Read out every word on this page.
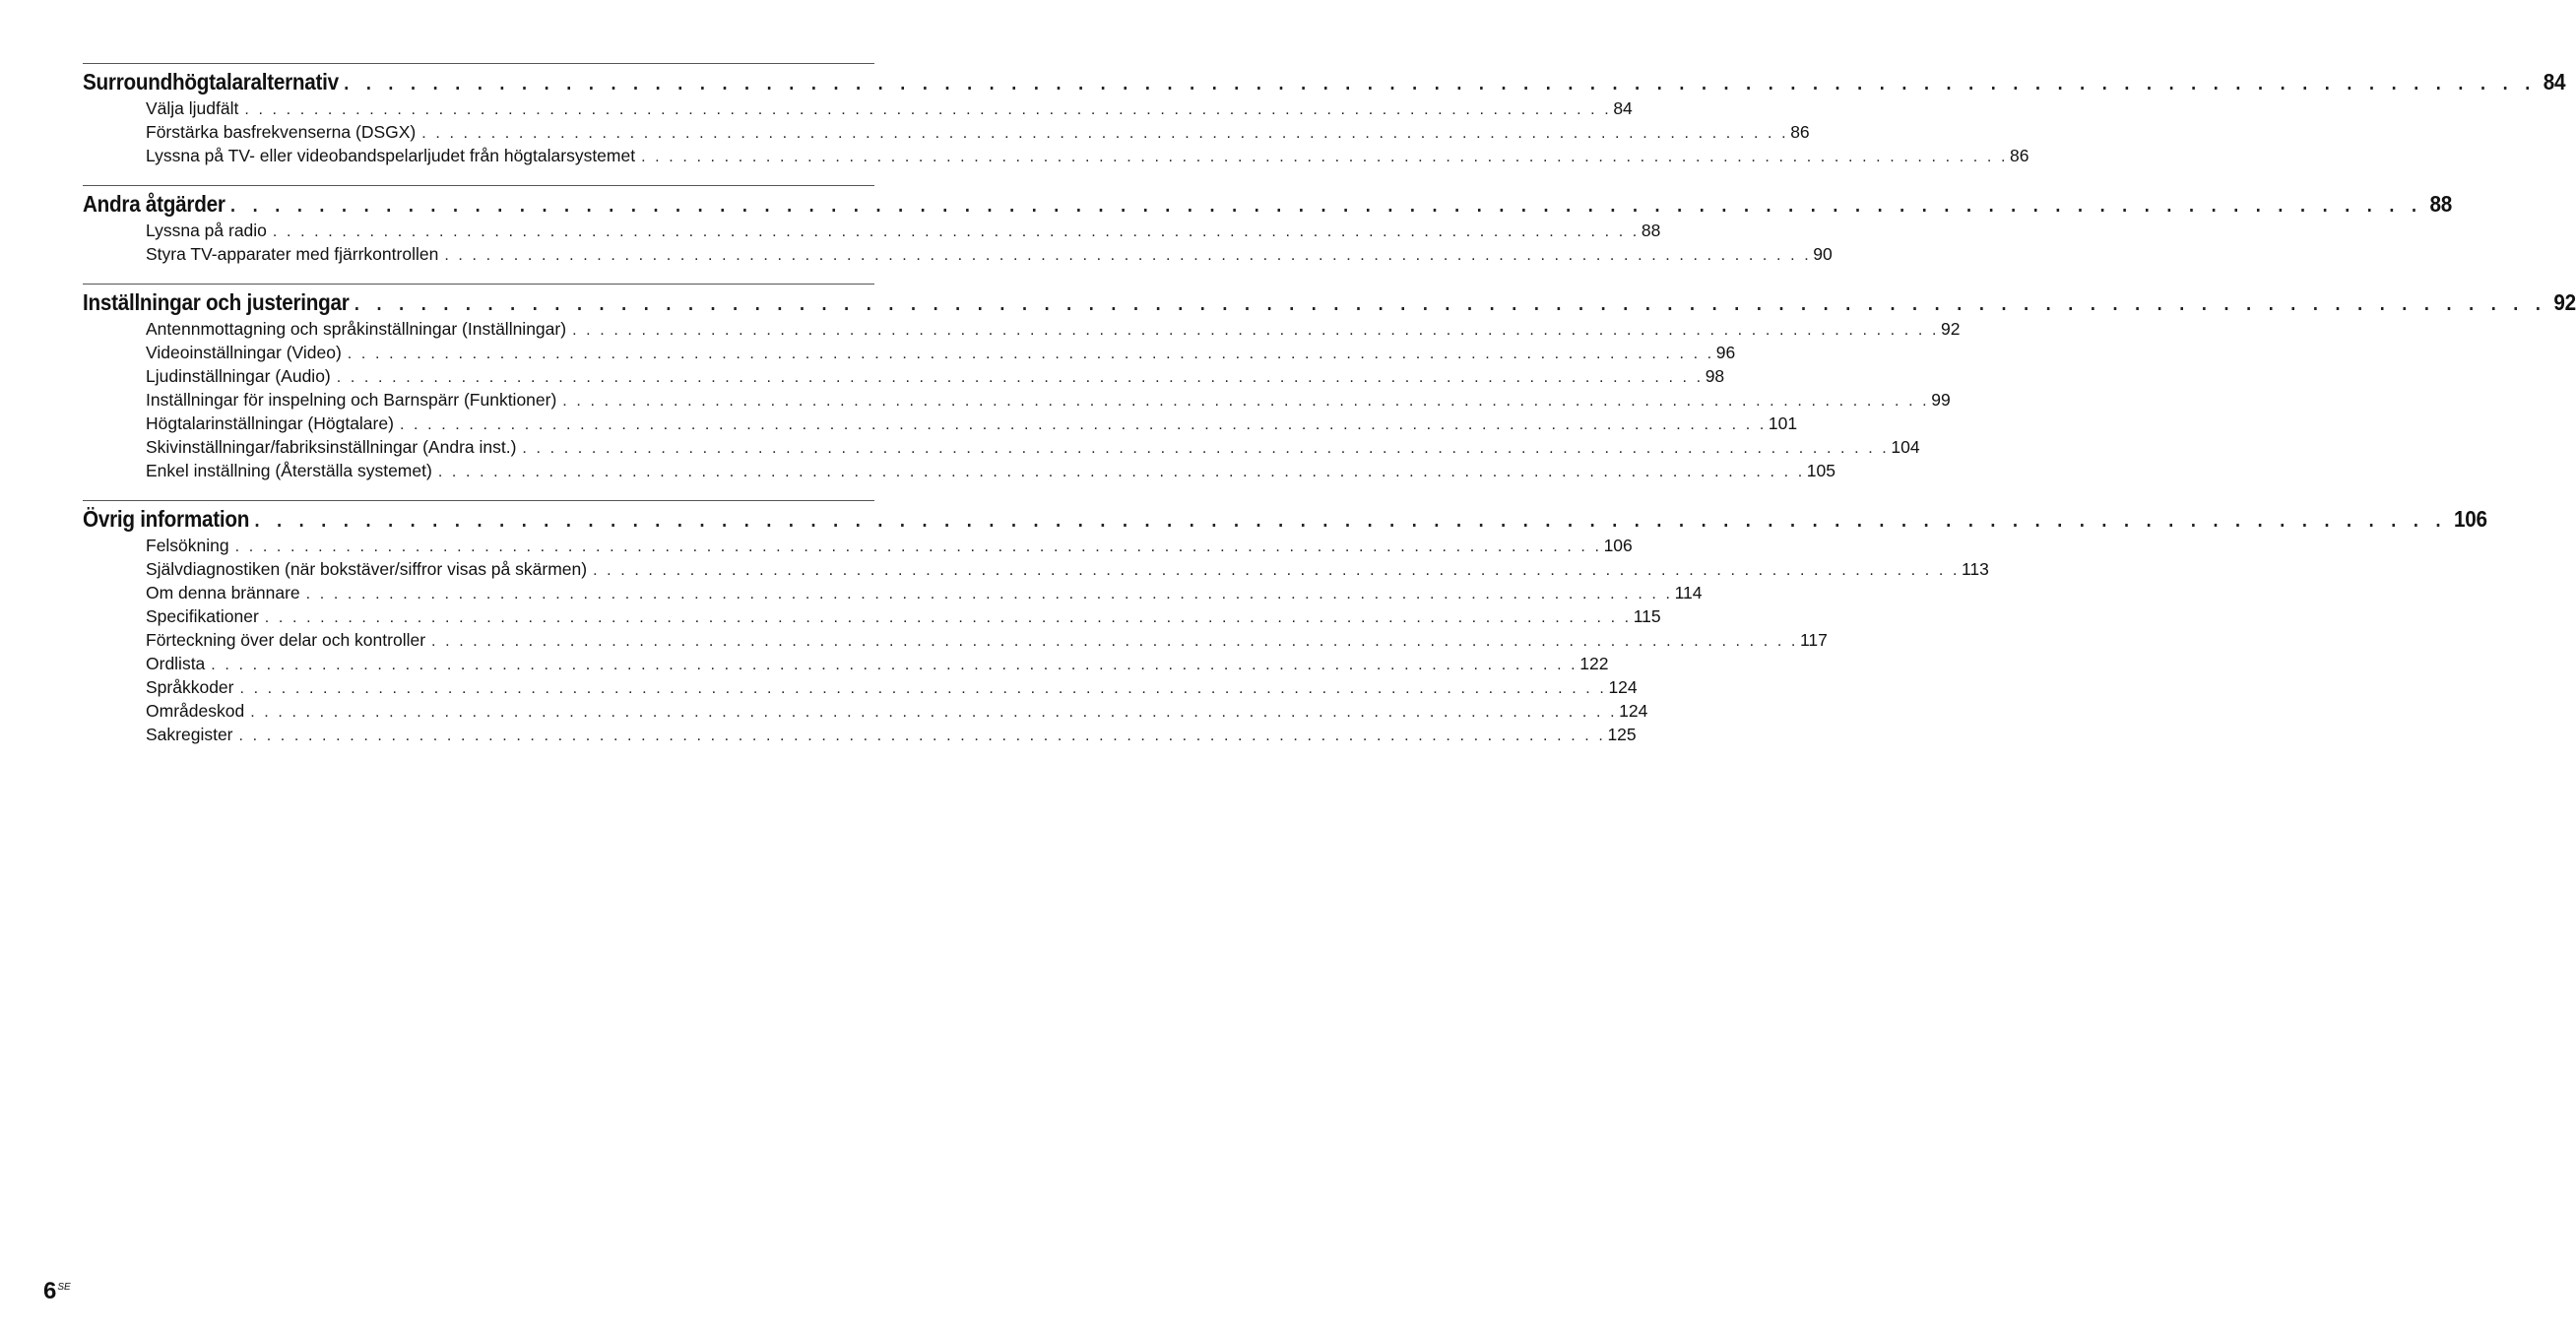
Surroundhögtalaralternativ . . . . . . . . . . . . . . . . . . . . . . . . . . . . . . . . . . . . . . . . . . . . . . . . . . . . . . . . . . . . . . . . . . . . . . . . . . . . . . . . . . . . . . . . . . . . . . . . . . . 84
Välja ljudfält . . . . . . . . . . . . . . . . . . . . . . . . . . . . . . . . . . . . . . . . . . . . . . . . . . . . . . . . . . . . . . . . . . . . . . . . . . . . . . . . . . . . . . . . . . . . . . . . . . . 84
Förstärka basfrekvenserna (DSGX) . . . . . . . . . . . . . . . . . . . . . . . . . . . . . . . . . . . . . . . . . . . . . . . . . . . . . . . . . . . . . . . . . . . . . . . . . . . . . . . . . . . . . . . . . . . . . . . . . . . 86
Lyssna på TV- eller videobandspelarljudet från högtalarsystemet . . . . . . . . . . . . . . . . . . . . . . . . . . . . . . . . . . . . . . . . . . . . . . . . . . . . . . . . . . . . . . . . . . . . . . . . . . . . . . . . . . . . . . . . . . . . . . . . . . . 86
Andra åtgärder . . . . . . . . . . . . . . . . . . . . . . . . . . . . . . . . . . . . . . . . . . . . . . . . . . . . . . . . . . . . . . . . . . . . . . . . . . . . . . . . . . . . . . . . . . . . . . . . . . . 88
Lyssna på radio . . . . . . . . . . . . . . . . . . . . . . . . . . . . . . . . . . . . . . . . . . . . . . . . . . . . . . . . . . . . . . . . . . . . . . . . . . . . . . . . . . . . . . . . . . . . . . . . . . . 88
Styra TV-apparater med fjärrkontrollen . . . . . . . . . . . . . . . . . . . . . . . . . . . . . . . . . . . . . . . . . . . . . . . . . . . . . . . . . . . . . . . . . . . . . . . . . . . . . . . . . . . . . . . . . . . . . . . . . . . 90
Inställningar och justeringar . . . . . . . . . . . . . . . . . . . . . . . . . . . . . . . . . . . . . . . . . . . . . . . . . . . . . . . . . . . . . . . . . . . . . . . . . . . . . . . . . . . . . . . . . . . . . . . . . . . 92
Antennmottagning och språkinställningar (Inställningar) . . . . . . . . . . . . . . . . . . . . . . . . . . . . . . . . . . . . . . . . . . . . . . . . . . . . . . . . . . . . . . . . . . . . . . . . . . . . . . . . . . . . . . . . . . . . . . . . . . . 92
Videoinställningar (Video) . . . . . . . . . . . . . . . . . . . . . . . . . . . . . . . . . . . . . . . . . . . . . . . . . . . . . . . . . . . . . . . . . . . . . . . . . . . . . . . . . . . . . . . . . . . . . . . . . . . 96
Ljudinställningar (Audio) . . . . . . . . . . . . . . . . . . . . . . . . . . . . . . . . . . . . . . . . . . . . . . . . . . . . . . . . . . . . . . . . . . . . . . . . . . . . . . . . . . . . . . . . . . . . . . . . . . . 98
Inställningar för inspelning och Barnspärr (Funktioner) . . . . . . . . . . . . . . . . . . . . . . . . . . . . . . . . . . . . . . . . . . . . . . . . . . . . . . . . . . . . . . . . . . . . . . . . . . . . . . . . . . . . . . . . . . . . . . . . . . . 99
Högtalarinställningar (Högtalare) . . . . . . . . . . . . . . . . . . . . . . . . . . . . . . . . . . . . . . . . . . . . . . . . . . . . . . . . . . . . . . . . . . . . . . . . . . . . . . . . . . . . . . . . . . . . . . . . . . . 101
Skivinställningar/fabriksinställningar (Andra inst.) . . . . . . . . . . . . . . . . . . . . . . . . . . . . . . . . . . . . . . . . . . . . . . . . . . . . . . . . . . . . . . . . . . . . . . . . . . . . . . . . . . . . . . . . . . . . . . . . . . . 104
Enkel inställning (Återställa systemet) . . . . . . . . . . . . . . . . . . . . . . . . . . . . . . . . . . . . . . . . . . . . . . . . . . . . . . . . . . . . . . . . . . . . . . . . . . . . . . . . . . . . . . . . . . . . . . . . . . . 105
Övrig information . . . . . . . . . . . . . . . . . . . . . . . . . . . . . . . . . . . . . . . . . . . . . . . . . . . . . . . . . . . . . . . . . . . . . . . . . . . . . . . . . . . . . . . . . . . . . . . . . . . 106
Felsökning . . . . . . . . . . . . . . . . . . . . . . . . . . . . . . . . . . . . . . . . . . . . . . . . . . . . . . . . . . . . . . . . . . . . . . . . . . . . . . . . . . . . . . . . . . . . . . . . . . . 106
Självdiagnostiken (när bokstäver/siffror visas på skärmen) . . . . . . . . . . . . . . . . . . . . . . . . . . . . . . . . . . . . . . . . . . . . . . . . . . . . . . . . . . . . . . . . . . . . . . . . . . . . . . . . . . . . . . . . . . . . . . . . . . . 113
Om denna brännare . . . . . . . . . . . . . . . . . . . . . . . . . . . . . . . . . . . . . . . . . . . . . . . . . . . . . . . . . . . . . . . . . . . . . . . . . . . . . . . . . . . . . . . . . . . . . . . . . . . 114
Specifikationer . . . . . . . . . . . . . . . . . . . . . . . . . . . . . . . . . . . . . . . . . . . . . . . . . . . . . . . . . . . . . . . . . . . . . . . . . . . . . . . . . . . . . . . . . . . . . . . . . . . 115
Förteckning över delar och kontroller . . . . . . . . . . . . . . . . . . . . . . . . . . . . . . . . . . . . . . . . . . . . . . . . . . . . . . . . . . . . . . . . . . . . . . . . . . . . . . . . . . . . . . . . . . . . . . . . . . . 117
Ordlista . . . . . . . . . . . . . . . . . . . . . . . . . . . . . . . . . . . . . . . . . . . . . . . . . . . . . . . . . . . . . . . . . . . . . . . . . . . . . . . . . . . . . . . . . . . . . . . . . . . 122
Språkkoder . . . . . . . . . . . . . . . . . . . . . . . . . . . . . . . . . . . . . . . . . . . . . . . . . . . . . . . . . . . . . . . . . . . . . . . . . . . . . . . . . . . . . . . . . . . . . . . . . . . 124
Områdeskod . . . . . . . . . . . . . . . . . . . . . . . . . . . . . . . . . . . . . . . . . . . . . . . . . . . . . . . . . . . . . . . . . . . . . . . . . . . . . . . . . . . . . . . . . . . . . . . . . . . 124
Sakregister . . . . . . . . . . . . . . . . . . . . . . . . . . . . . . . . . . . . . . . . . . . . . . . . . . . . . . . . . . . . . . . . . . . . . . . . . . . . . . . . . . . . . . . . . . . . . . . . . . . 125
$6^{SE}$
